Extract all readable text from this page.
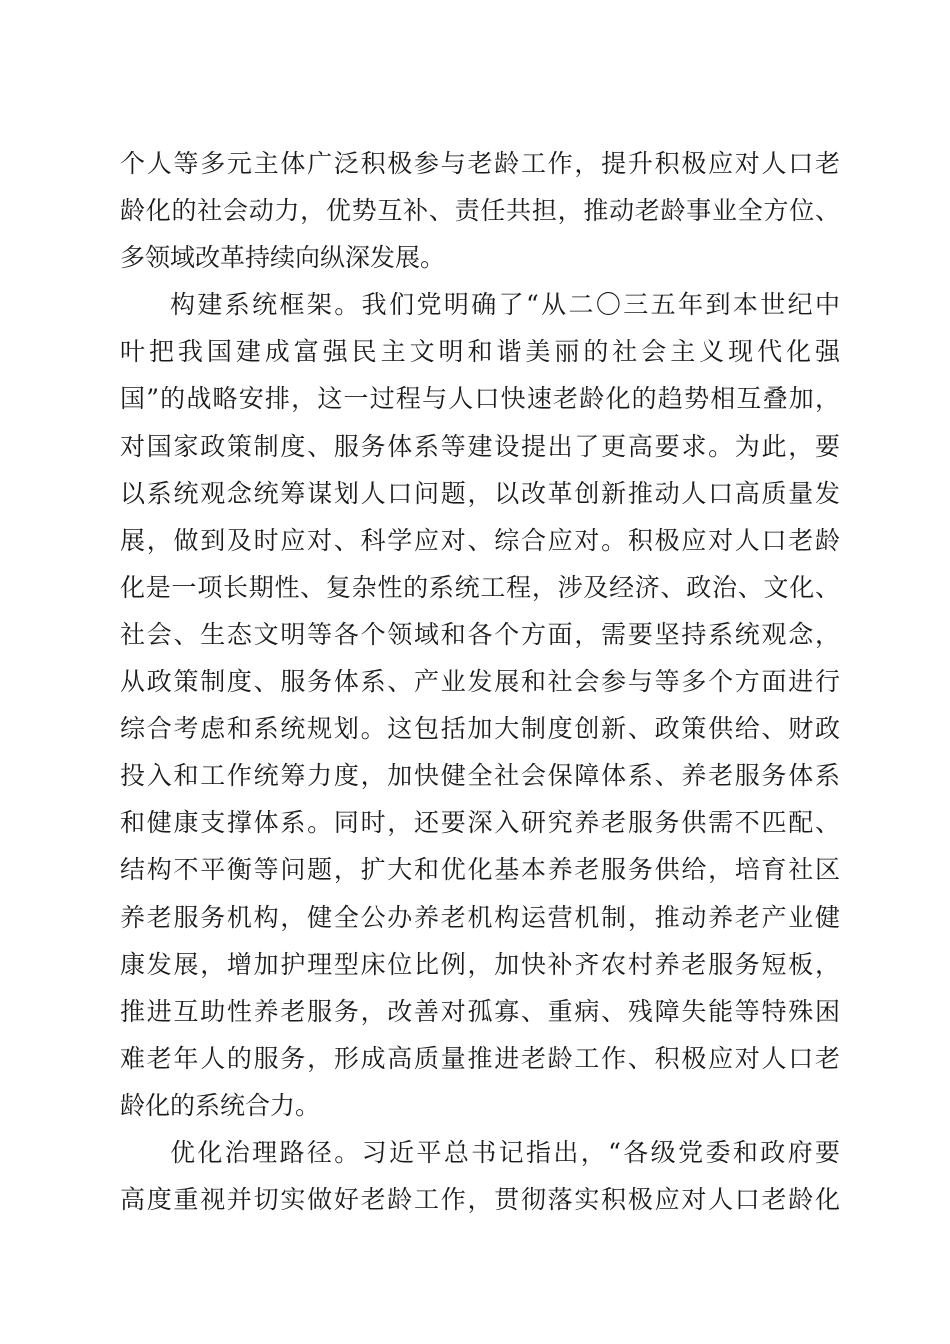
个人等多元主体广泛积极参与老龄工作，提升积极应对人口老
龄化的社会动力，优势互补、责任共担，推动老龄事业全方位、
多领域改革持续向纵深发展。
构建系统框架。我们党明确了“从二〇三五年到本世纪中
叶把我国建成富强民主文明和谐美丽的社会主义现代化强
国”的战略安排，这一过程与人口快速老龄化的趋势相互叠加，
对国家政策制度、服务体系等建设提出了更高要求。为此，要
以系统观念统筹谋划人口问题，以改革创新推动人口高质量发
展，做到及时应对、科学应对、综合应对。积极应对人口老龄
化是一项长期性、复杂性的系统工程，涉及经济、政治、文化、
社会、生态文明等各个领域和各个方面，需要坚持系统观念，
从政策制度、服务体系、产业发展和社会参与等多个方面进行
综合考虑和系统规划。这包括加大制度创新、政策供给、财政
投入和工作统筹力度，加快健全社会保障体系、养老服务体系
和健康支撑体系。同时，还要深入研究养老服务供需不匹配、
结构不平衡等问题，扩大和优化基本养老服务供给，培育社区
养老服务机构，健全公办养老机构运营机制，推动养老产业健
康发展，增加护理型床位比例，加快补齐农村养老服务短板，
推进互助性养老服务，改善对孤寡、重病、残障失能等特殊困
难老年人的服务，形成高质量推进老龄工作、积极应对人口老
龄化的系统合力。
优化治理路径。习近平总书记指出，“各级党委和政府要
高度重视并切实做好老龄工作，贯彻落实积极应对人口老龄化
